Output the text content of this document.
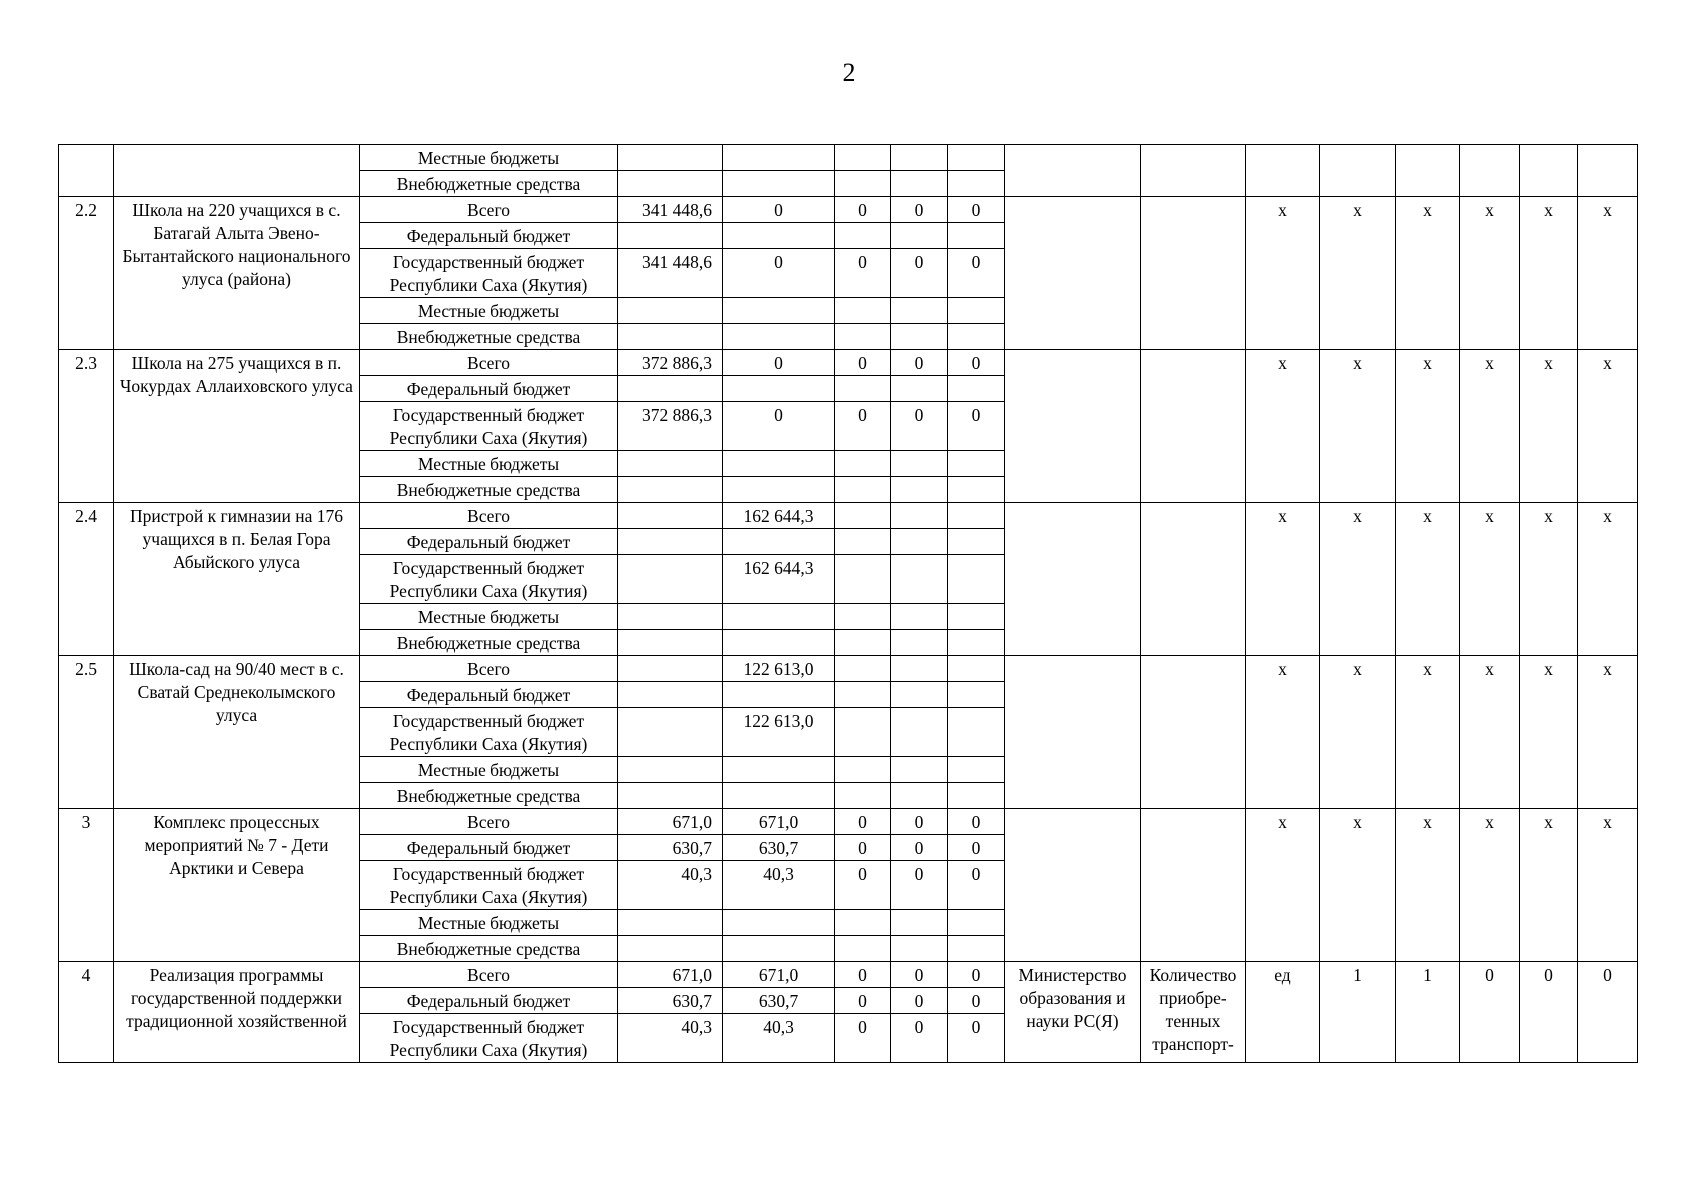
2
		Местные бюджеты													
		Внебюджетные средства													
2.2	Школа на 220 учащихся в с. Батагай Алыта Эвено-Бытантайского национального улуса (района)	Всего	341 448,6	0	0	0	0			x	x	x	x	x	x
		Федеральный бюджет													
		Государственный бюджет Республики Саха (Якутия)	341 448,6	0	0	0	0								
		Местные бюджеты													
		Внебюджетные средства													
2.3	Школа на 275 учащихся в п. Чокурдах Аллаиховского улуса	Всего	372 886,3	0	0	0	0			x	x	x	x	x	x
		Федеральный бюджет													
		Государственный бюджет Республики Саха (Якутия)	372 886,3	0	0	0	0								
		Местные бюджеты													
		Внебюджетные средства													
2.4	Пристрой к гимназии на 176 учащихся в п. Белая Гора Абыйского улуса	Всего		162 644,3						x	x	x	x	x	x
		Федеральный бюджет													
		Государственный бюджет Республики Саха (Якутия)		162 644,3											
		Местные бюджеты													
		Внебюджетные средства													
2.5	Школа-сад на 90/40 мест в с. Сватай Среднеколымского улуса	Всего		122 613,0						x	x	x	x	x	x
		Федеральный бюджет													
		Государственный бюджет Республики Саха (Якутия)		122 613,0											
		Местные бюджеты													
		Внебюджетные средства													
3	Комплекс процессных мероприятий № 7 - Дети Арктики и Севера	Всего	671,0	671,0	0	0	0			x	x	x	x	x	x
		Федеральный бюджет	630,7	630,7	0	0	0								
		Государственный бюджет Республики Саха (Якутия)	40,3	40,3	0	0	0								
		Местные бюджеты													
		Внебюджетные средства													
4	Реализация программы государственной поддержки традиционной хозяйственной	Всего	671,0	671,0	0	0	0	Министерство образования и науки РС(Я)	Количество приобре-тенных транспорт-	ед	1	1	0	0	0
		Федеральный бюджет	630,7	630,7	0	0	0								
		Государственный бюджет Республики Саха (Якутия)	40,3	40,3	0	0	0								
